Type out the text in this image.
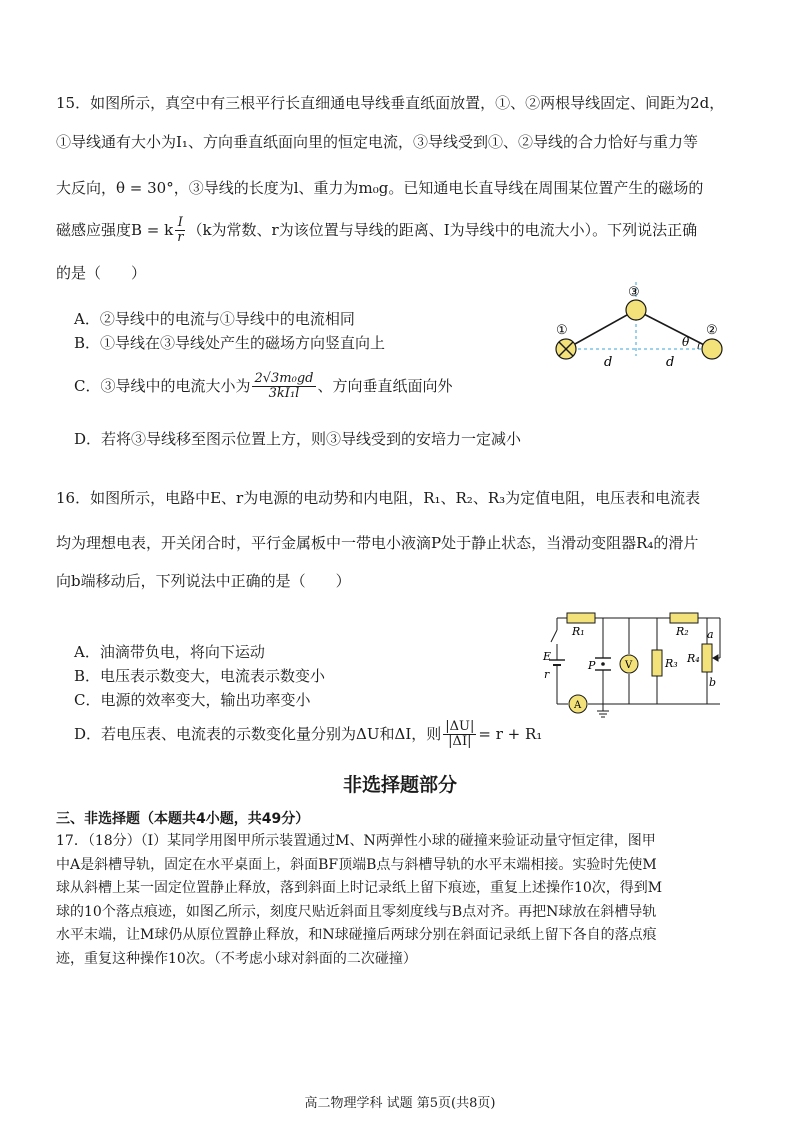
15．如图所示，真空中有三根平行长直细通电导线垂直纸面放置，①、②两根导线固定、间距为2d，
①导线通有大小为I₁、方向垂直纸面向里的恒定电流，③导线受到①、②导线的合力恰好与重力等
大反向，θ = 30°，③导线的长度为l、重力为m₀g。已知通电长直导线在周围某位置产生的磁场的
磁感应强度B = k $\frac{I}{r} (k$为常数、r为该位置与导线的距离、I为导线中的电流大小）。下列说法正确
的是（　　）
A．②导线中的电流与①导线中的电流相同
B．①导线在③导线处产生的磁场方向竖直向上
C．③导线中的电流大小为 $\frac{\text{2√3m₀gd}}{\text{3kI₁l}}$ 、方向垂直纸面向外
D．若将③导线移至图示位置上方，则③导线受到的安培力一定减小
①	②
③
d	d
θ
16．如图所示，电路中E、r为电源的电动势和内电阻，R₁、R₂、R₃为定值电阻，电压表和电流表
均为理想电表，开关闭合时，平行金属板中一带电小液滴P处于静止状态，当滑动变阻器R₄的滑片
向b端移动后，下列说法中正确的是（　　）
A．油滴带负电，将向下运动
B．电压表示数变大，电流表示数变小
C．电源的效率变大，输出功率变小
D．若电压表、电流表的示数变化量分别为ΔU和ΔI，则 $\frac{|\Delta U|}{|\Delta I|} = r + R_1$
R₁	R₂
R₃ R₄
E
r
P	V
A
a
b
非选择题部分
三、非选择题（本题共4小题，共49分）
17．（18分）（I）某同学用图甲所示装置通过M、N两弹性小球的碰撞来验证动量守恒定律，图甲
中A是斜槽导轨，固定在水平桌面上，斜面BF顶端B点与斜槽导轨的水平末端相接。实验时先使M
球从斜槽上某一固定位置静止释放，落到斜面上时记录纸上留下痕迹，重复上述操作10次，得到M
球的10个落点痕迹，如图乙所示，刻度尺贴近斜面且零刻度线与B点对齐。再把N球放在斜槽导轨
水平末端，让M球仍从原位置静止释放，和N球碰撞后两球分别在斜面记录纸上留下各自的落点痕
迹，重复这种操作10次。（不考虑小球对斜面的二次碰撞）
高二物理学科 试题 第5页(共8页)
